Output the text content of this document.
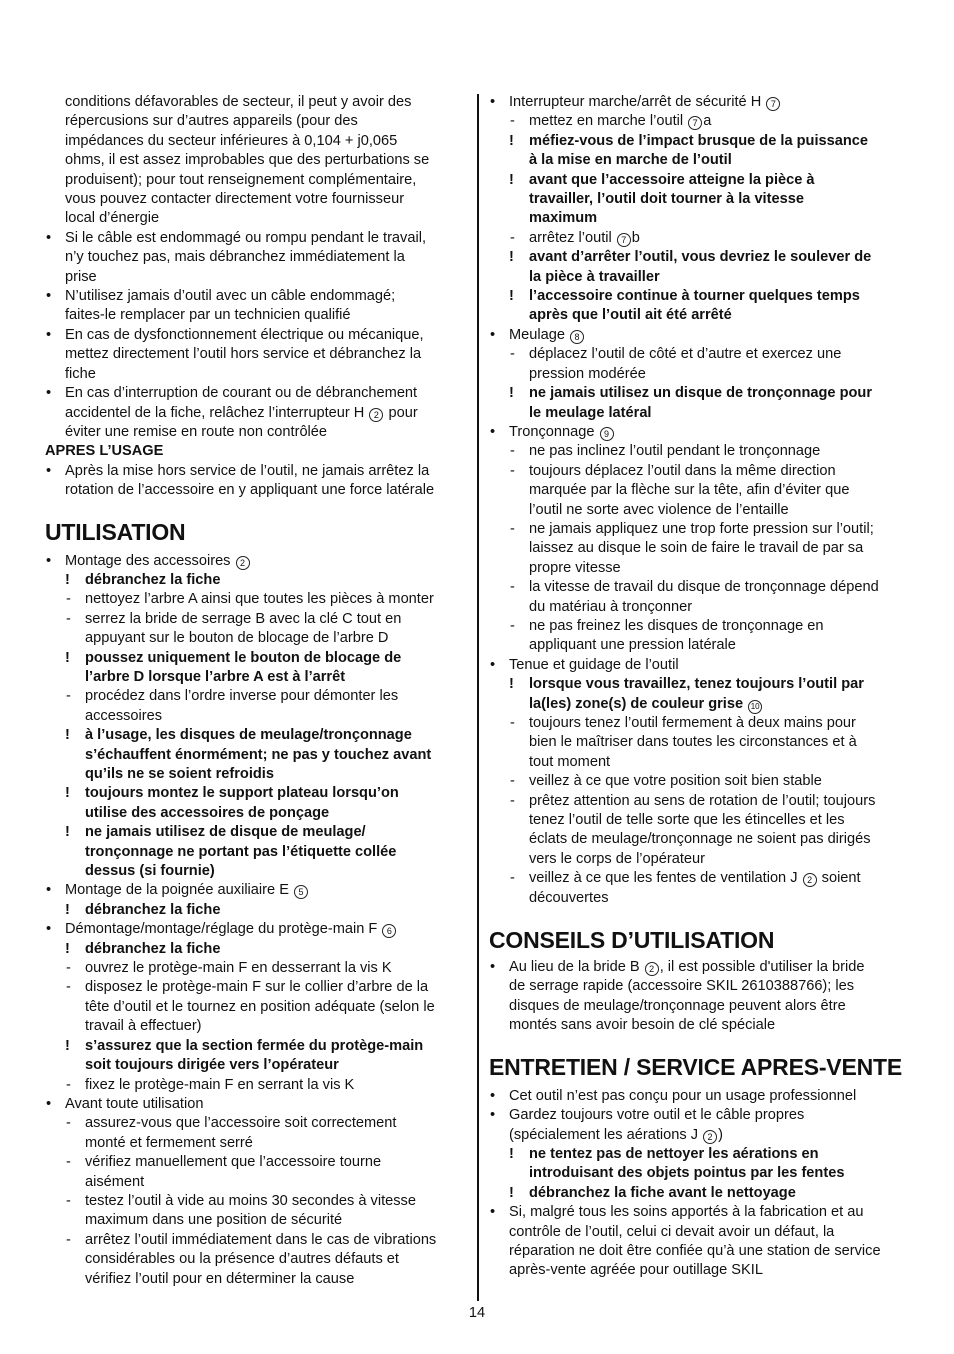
conditions défavorables de secteur, il peut y avoir des
répercusions sur d’autres appareils (pour des
impédances du secteur inférieures à 0,104 + j0,065
ohms, il est assez improbables que des perturbations se
produisent); pour tout renseignement complémentaire,
vous pouvez contacter directement votre fournisseur
local d’énergie
• Si le câble est endommagé ou rompu pendant le travail,
n’y touchez pas, mais débranchez immédiatement la
prise
• N’utilisez jamais d’outil avec un câble endommagé;
faites-le remplacer par un technicien qualifié
• En cas de dysfonctionnement électrique ou mécanique,
mettez directement l’outil hors service et débranchez la
fiche
• En cas d’interruption de courant ou de débranchement
accidentel de la fiche, relâchez l’interrupteur H 2 pour
éviter une remise en route non contrôlée
APRES L’USAGE
• Après la mise hors service de l’outil, ne jamais arrêtez la
rotation de l’accessoire en y appliquant une force latérale
UTILISATION
• Montage des accessoires 2
! débranchez la fiche
- nettoyez l’arbre A ainsi que toutes les pièces à monter
- serrez la bride de serrage B avec la clé C tout en
appuyant sur le bouton de blocage de l’arbre D
! poussez uniquement le bouton de blocage de
l’arbre D lorsque l’arbre A est à l’arrêt
- procédez dans l’ordre inverse pour démonter les
accessoires
! à l’usage, les disques de meulage/tronçonnage
s’échauffent énormément; ne pas y touchez avant
qu’ils ne se soient refroidis
! toujours montez le support plateau lorsqu’on
utilise des accessoires de ponçage
! ne jamais utilisez de disque de meulage/
tronçonnage ne portant pas l’étiquette collée
dessus (si fournie)
• Montage de la poignée auxiliaire E 5
! débranchez la fiche
• Démontage/montage/réglage du protège-main F 6
! débranchez la fiche
- ouvrez le protège-main F en desserrant la vis K
- disposez le protège-main F sur le collier d’arbre de la
tête d’outil et le tournez en position adéquate (selon le
travail à effectuer)
! s’assurez que la section fermée du protège-main
soit toujours dirigée vers l’opérateur
- fixez le protège-main F en serrant la vis K
• Avant toute utilisation
- assurez-vous que l’accessoire soit correctement
monté et fermement serré
- vérifiez manuellement que l’accessoire tourne
aisément
- testez l’outil à vide au moins 30 secondes à vitesse
maximum dans une position de sécurité
- arrêtez l’outil immédiatement dans le cas de vibrations
considérables ou la présence d’autres défauts et
vérifiez l’outil pour en déterminer la cause
• Interrupteur marche/arrêt de sécurité H 7
- mettez en marche l’outil 7 a
! méfiez-vous de l’impact brusque de la puissance
à la mise en marche de l’outil
! avant que l’accessoire atteigne la pièce à
travailler, l’outil doit tourner à la vitesse
maximum
- arrêtez l’outil 7 b
! avant d’arrêter l’outil, vous devriez le soulever de
la pièce à travailler
! l’accessoire continue à tourner quelques temps
après que l’outil ait été arrêté
• Meulage 8
- déplacez l’outil de côté et d’autre et exercez une
pression modérée
! ne jamais utilisez un disque de tronçonnage pour
le meulage latéral
• Tronçonnage 9
- ne pas inclinez l’outil pendant le tronçonnage
- toujours déplacez l’outil dans la même direction
marquée par la flèche sur la tête, afin d’éviter que
l’outil ne sorte avec violence de l’entaille
- ne jamais appliquez une trop forte pression sur l’outil;
laissez au disque le soin de faire le travail de par sa
propre vitesse
- la vitesse de travail du disque de tronçonnage dépend
du matériau à tronçonner
- ne pas freinez les disques de tronçonnage en
appliquant une pression latérale
• Tenue et guidage de l’outil
! lorsque vous travaillez, tenez toujours l’outil par
la(les) zone(s) de couleur grise 10
- toujours tenez l’outil fermement à deux mains pour
bien le maîtriser dans toutes les circonstances et à
tout moment
- veillez à ce que votre position soit bien stable
- prêtez attention au sens de rotation de l’outil; toujours
tenez l’outil de telle sorte que les étincelles et les
éclats de meulage/tronçonnage ne soient pas dirigés
vers le corps de l’opérateur
- veillez à ce que les fentes de ventilation J 2 soient
découvertes
CONSEILS D’UTILISATION
• Au lieu de la bride B 2 , il est possible d'utiliser la bride
de serrage rapide (accessoire SKIL 2610388766); les
disques de meulage/tronçonnage peuvent alors être
montés sans avoir besoin de clé spéciale
ENTRETIEN / SERVICE APRES-VENTE
• Cet outil n’est pas conçu pour un usage professionnel
• Gardez toujours votre outil et le câble propres
(spécialement les aérations J 2 )
! ne tentez pas de nettoyer les aérations en
introduisant des objets pointus par les fentes
! débranchez la fiche avant le nettoyage
• Si, malgré tous les soins apportés à la fabrication et au
contrôle de l’outil, celui ci devait avoir un défaut, la
réparation ne doit être confiée qu’à une station de service
après-vente agréée pour outillage SKIL
14
